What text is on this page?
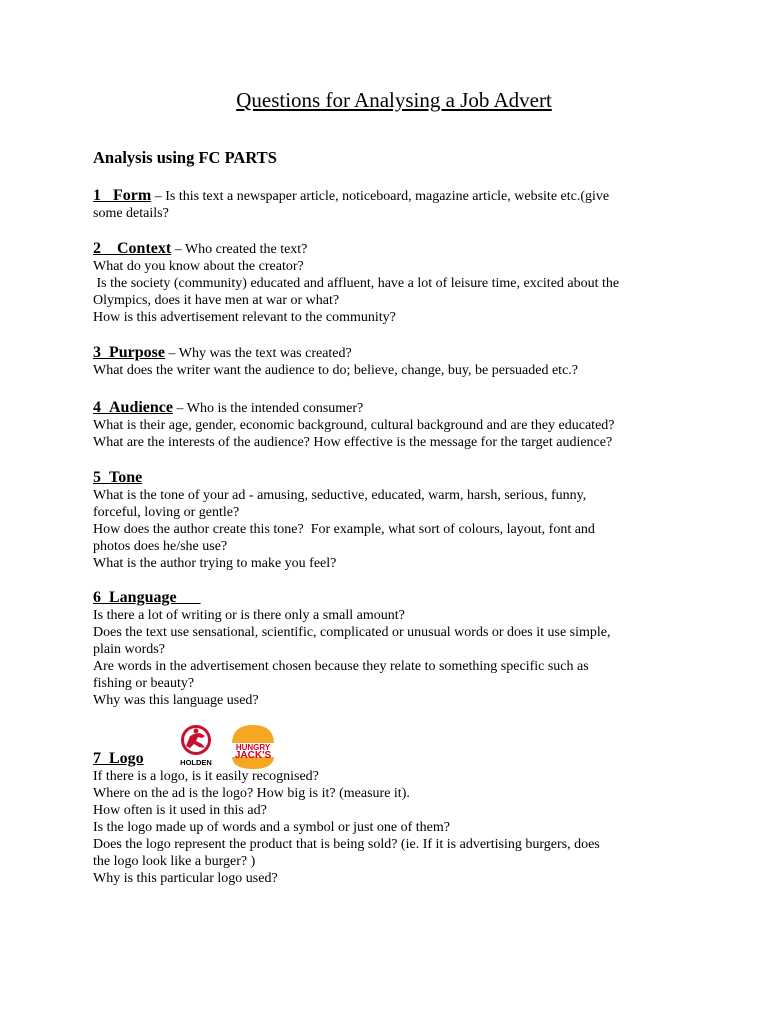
Questions for Analysing a Job Advert
Analysis using FC PARTS
1 Form – Is this text a newspaper article, noticeboard, magazine article, website etc.(give
some details?
2 Context – Who created the text?
What do you know about the creator?
Is the society (community) educated and affluent, have a lot of leisure time, excited about the
Olympics, does it have men at war or what?
How is this advertisement relevant to the community?
3 Purpose – Why was the text was created?
What does the writer want the audience to do; believe, change, buy, be persuaded etc.?
4 Audience – Who is the intended consumer?
What is their age, gender, economic background, cultural background and are they educated?
What are the interests of the audience? How effective is the message for the target audience?
5 Tone
What is the tone of your ad - amusing, seductive, educated, warm, harsh, serious, funny,
forceful, loving or gentle?
How does the author create this tone?  For example, what sort of colours, layout, font and
photos does he/she use?
What is the author trying to make you feel?
6 Language
Is there a lot of writing or is there only a small amount?
Does the text use sensational, scientific, complicated or unusual words or does it use simple,
plain words?
Are words in the advertisement chosen because they relate to something specific such as
fishing or beauty?
Why was this language used?
7 Logo
If there is a logo, is it easily recognised?
Where on the ad is the logo? How big is it? (measure it).
How often is it used in this ad?
Is the logo made up of words and a symbol or just one of them?
Does the logo represent the product that is being sold? (ie. If it is advertising burgers, does
the logo look like a burger? )
Why is this particular logo used?
HOLDEN
HUNGRY
JACK'S
